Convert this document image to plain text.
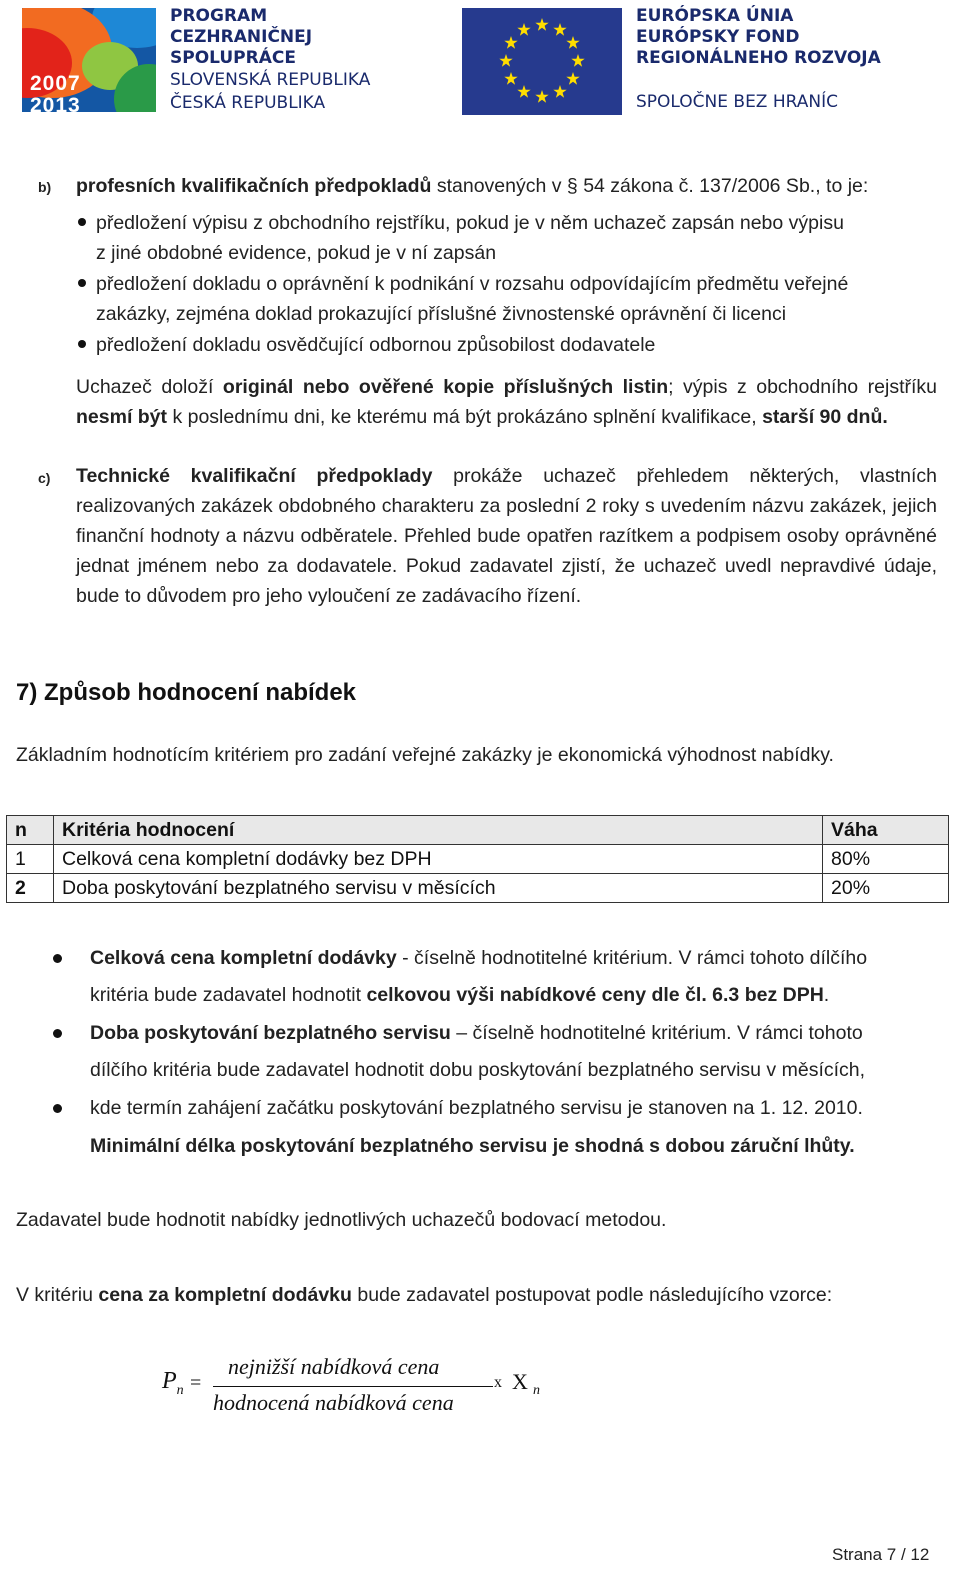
2007
2013
PROGRAM
CEZHRANIČNEJ
SPOLUPRÁCE
SLOVENSKÁ REPUBLIKA
ČESKÁ REPUBLIKA
EURÓPSKA ÚNIA
EURÓPSKY FOND
REGIONÁLNEHO ROZVOJA
SPOLOČNE BEZ HRANÍC
b) profesních kvalifikačních předpokladů stanovených v § 54 zákona č. 137/2006 Sb., to je:
předložení výpisu z obchodního rejstříku, pokud je v něm uchazeč zapsán nebo výpisu
z jiné obdobné evidence, pokud je v ní zapsán
předložení dokladu o oprávnění k podnikání v rozsahu odpovídajícím předmětu veřejné
zakázky, zejména doklad prokazující příslušné živnostenské oprávnění či licenci
předložení dokladu osvědčující odbornou způsobilost dodavatele
Uchazeč doloží originál nebo ověřené kopie příslušných listin; výpis z obchodního rejstříku nesmí být k poslednímu dni, ke kterému má být prokázáno splnění kvalifikace, starší 90 dnů.
c) Technické kvalifikační předpoklady prokáže uchazeč přehledem některých, vlastních realizovaných zakázek obdobného charakteru za poslední 2 roky s uvedením názvu zakázek, jejich finanční hodnoty a názvu odběratele. Přehled bude opatřen razítkem a podpisem osoby oprávněné jednat jménem nebo za dodavatele. Pokud zadavatel zjistí, že uchazeč uvedl nepravdivé údaje, bude to důvodem pro jeho vyloučení ze zadávacího řízení.
7) Způsob hodnocení nabídek
Základním hodnotícím kritériem pro zadání veřejné zakázky je ekonomická výhodnost nabídky.
n	Kritéria hodnocení	Váha
1	Celková cena kompletní dodávky bez DPH	80%
2	Doba poskytování bezplatného servisu v měsících	20%
Celková cena kompletní dodávky - číselně hodnotitelné kritérium. V rámci tohoto dílčího
kritéria bude zadavatel hodnotit celkovou výši nabídkové ceny dle čl. 6.3 bez DPH.
Doba poskytování bezplatného servisu – číselně hodnotitelné kritérium. V rámci tohoto
dílčího kritéria bude zadavatel hodnotit dobu poskytování bezplatného servisu v měsících,
kde termín zahájení začátku poskytování bezplatného servisu je stanoven na 1. 12. 2010.
Minimální délka poskytování bezplatného servisu je shodná s dobou záruční lhůty.
Zadavatel bude hodnotit nabídky jednotlivých uchazečů bodovací metodou.
V kritériu cena za kompletní dodávku bude zadavatel postupovat podle následujícího vzorce:
$P_n$ =
nejnižší nabídková cena
hodnocená nabídková cena
x X n
Strana 7 / 12
